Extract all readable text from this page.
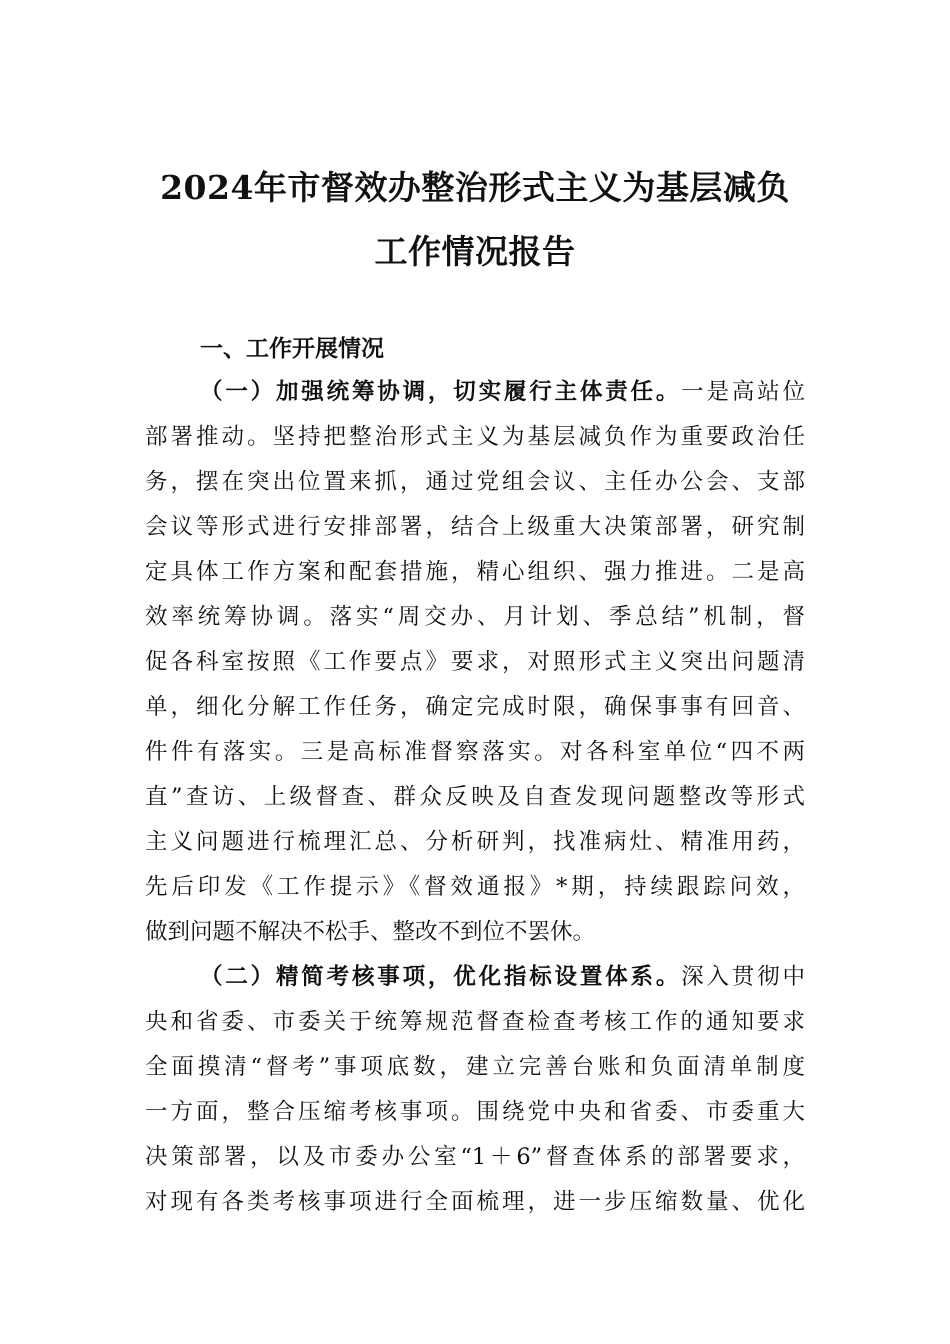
2024年市督效办整治形式主义为基层减负
工作情况报告
一、工作开展情况
（一）加强统筹协调，切实履行主体责任。一是高站位
部署推动。坚持把整治形式主义为基层减负作为重要政治任
务，摆在突出位置来抓，通过党组会议、主任办公会、支部
会议等形式进行安排部署，结合上级重大决策部署，研究制
定具体工作方案和配套措施，精心组织、强力推进。二是高
效率统筹协调。落实“周交办、月计划、季总结”机制，督
促各科室按照《工作要点》要求，对照形式主义突出问题清
单，细化分解工作任务，确定完成时限，确保事事有回音、
件件有落实。三是高标准督察落实。对各科室单位“四不两
直”查访、上级督查、群众反映及自查发现问题整改等形式
主义问题进行梳理汇总、分析研判，找准病灶、精准用药，
先后印发《工作提示》《督效通报》*期，持续跟踪问效，
做到问题不解决不松手、整改不到位不罢休。
（二）精简考核事项，优化指标设置体系。深入贯彻中
央和省委、市委关于统筹规范督查检查考核工作的通知要求
全面摸清“督考”事项底数，建立完善台账和负面清单制度
一方面，整合压缩考核事项。围绕党中央和省委、市委重大
决策部署，以及市委办公室“1＋6”督查体系的部署要求，
对现有各类考核事项进行全面梳理，进一步压缩数量、优化
